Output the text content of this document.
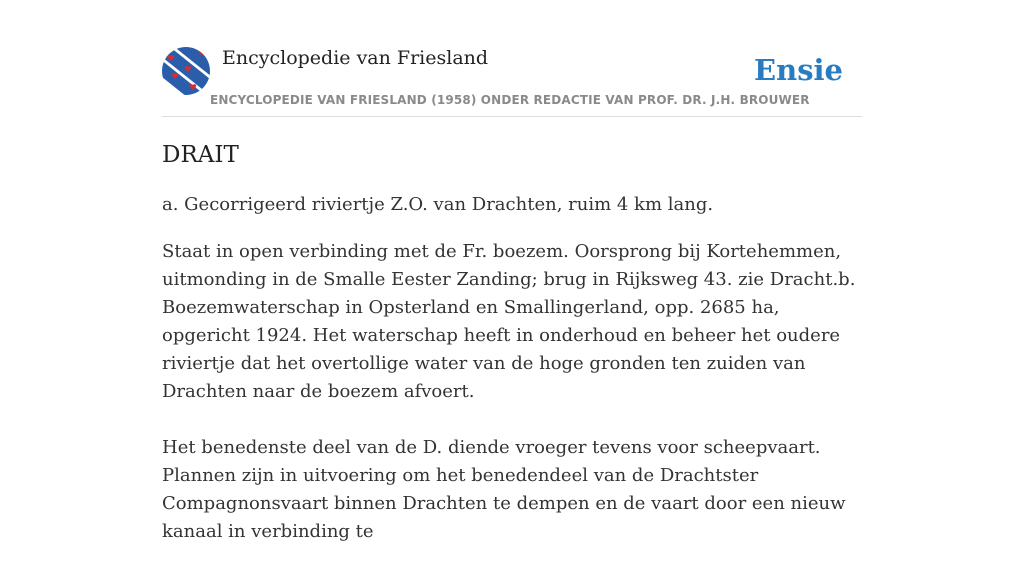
Encyclopedie van Friesland	Ensie
ENCYCLOPEDIE VAN FRIESLAND (1958) ONDER REDACTIE VAN PROF. DR. J.H. BROUWER
DRAIT

a. Gecorrigeerd riviertje Z.O. van Drachten, ruim 4 km lang.

Staat in open verbinding met de Fr. boezem. Oorsprong bij Kortehemmen, uitmonding in de Smalle Eester Zanding; brug in Rijksweg 43. zie Dracht.b. Boezemwaterschap in Opsterland en Smallingerland, opp. 2685 ha, opgericht 1924. Het waterschap heeft in onderhoud en beheer het oudere riviertje dat het overtollige water van de hoge gronden ten zuiden van Drachten naar de boezem afvoert.

Het benedenste deel van de D. diende vroeger tevens voor scheepvaart. Plannen zijn in uitvoering om het benedendeel van de Drachtster Compagnonsvaart binnen Drachten te dempen en de vaart door een nieuw kanaal in verbinding te
